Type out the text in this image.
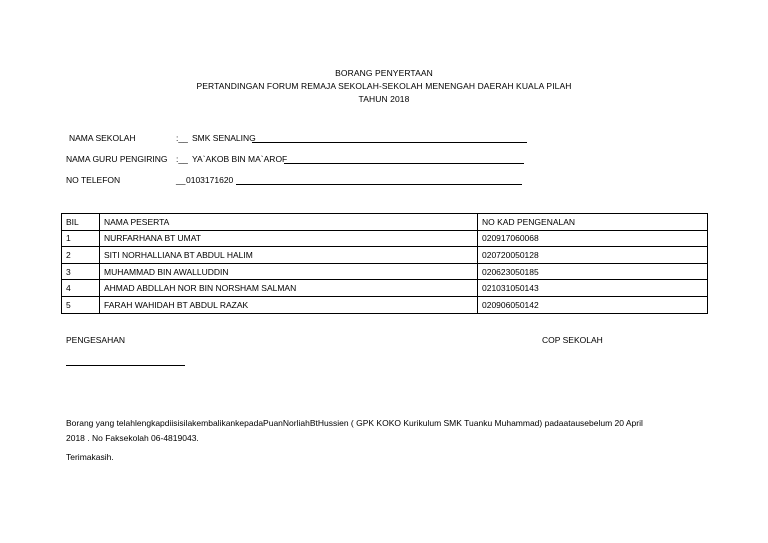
BORANG PENYERTAAN
PERTANDINGAN FORUM REMAJA SEKOLAH-SEKOLAH MENENGAH DAERAH KUALA PILAH
TAHUN 2018
NAMA SEKOLAH	:__ SMK SENALING
NAMA GURU PENGIRING :__ YA`AKOB BIN MA`AROF
NO TELEFON	__ 0103171620
BIL	NAMA PESERTA	NO KAD PENGENALAN
1	NURFARHANA BT UMAT	020917060068
2	SITI NORHALLIANA BT ABDUL HALIM	020720050128
3	MUHAMMAD BIN AWALLUDDIN	020623050185
4	AHMAD ABDLLAH NOR BIN NORSHAM SALMAN	021031050143
5	FARAH WAHIDAH BT ABDUL RAZAK	020906050142
PENGESAHAN	COP SEKOLAH
Borang yang telahlengkapdiisisilakembalikankepadaPuanNorliahBtHussien ( GPK KOKO Kurikulum SMK Tuanku Muhammad) padaatausebelum 20 April
2018 . No Faksekolah 06-4819043.
Terimakasih.
